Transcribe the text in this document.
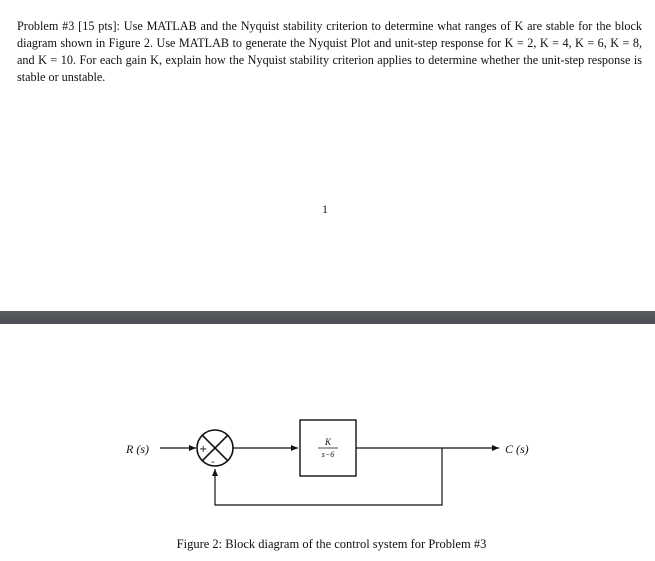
Problem #3 [15 pts]: Use MATLAB and the Nyquist stability criterion to determine what ranges of K are stable for the block diagram shown in Figure 2. Use MATLAB to generate the Nyquist Plot and unit-step response for K = 2, K = 4, K = 6, K = 8, and K = 10. For each gain K, explain how the Nyquist stability criterion applies to determine whether the unit-step response is stable or unstable.

1
R (s)	+
-
K
s−6	C (s)
Figure 2: Block diagram of the control system for Problem #3
